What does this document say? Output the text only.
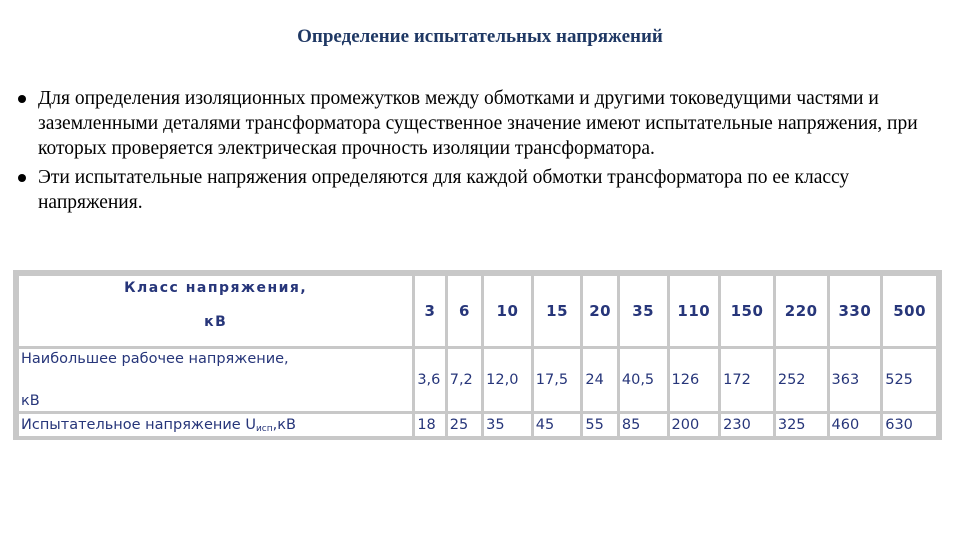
Определение испытательных напряжений
Для определения изоляционных промежутков между обмотками и другими токоведущими частями и заземленными деталями трансформатора существенное значение имеют испытательные напряжения, при которых проверяется электрическая прочность изоляции трансформатора.
Эти испытательные напряжения определяются для каждой обмотки трансформатора по ее классу напряжения.
Класс напряжения,
кВ	3	6	10	15	20	35	110	150	220	330	500
Наибольшее рабочее напряжение,
кВ	3,6	7,2	12,0	17,5	24	40,5	126	172	252	363	525
Испытательное напряжение $U_{исп},кВ$	18	25	35	45	55	85	200	230	325	460	630
